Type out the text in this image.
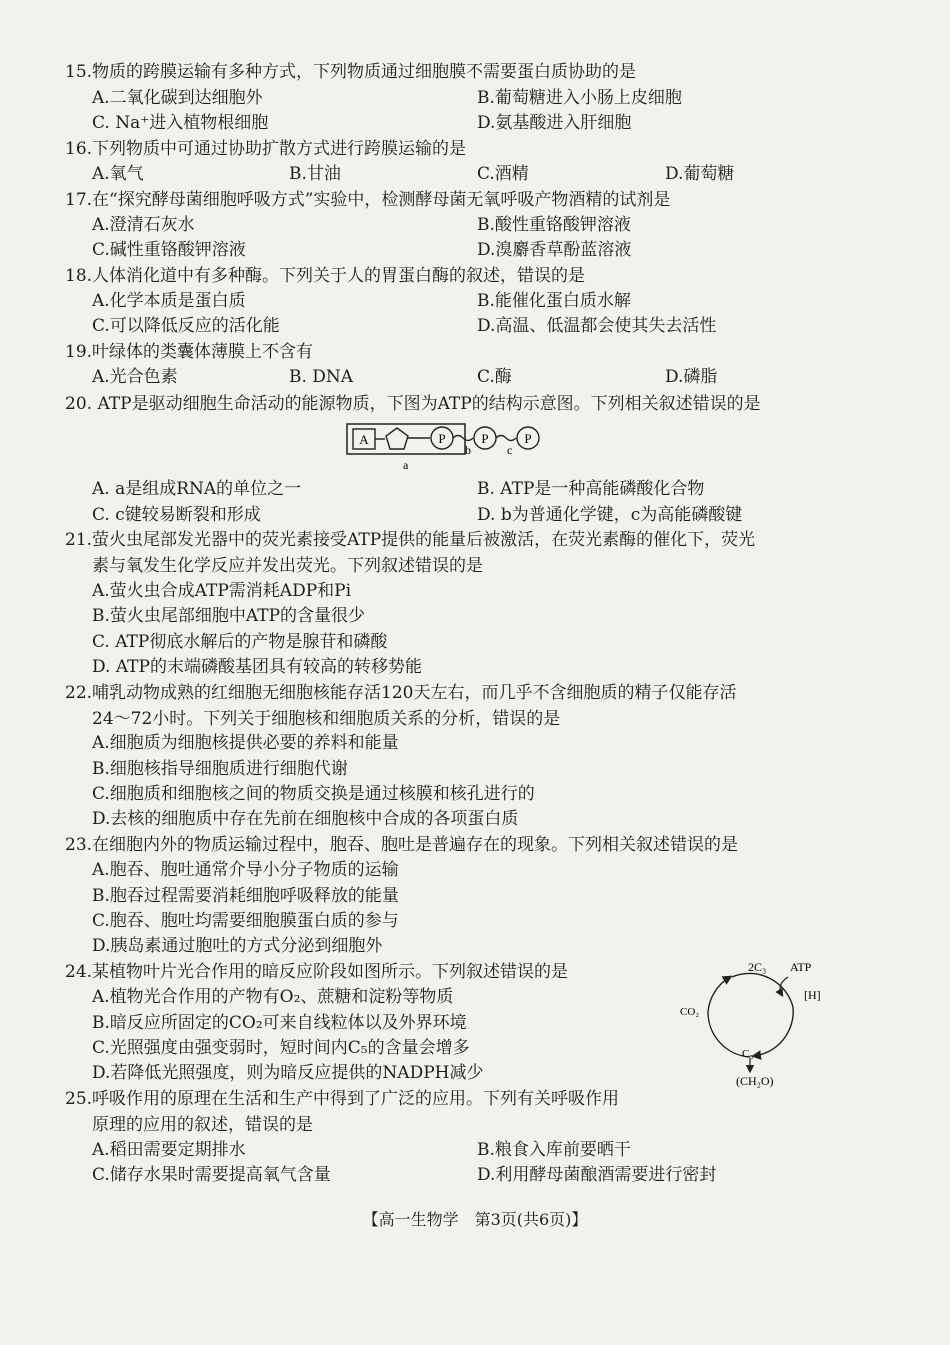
15.物质的跨膜运输有多种方式，下列物质通过细胞膜不需要蛋白质协助的是
A.二氧化碳到达细胞外	B.葡萄糖进入小肠上皮细胞
C. Na⁺进入植物根细胞	D.氨基酸进入肝细胞
16.下列物质中可通过协助扩散方式进行跨膜运输的是
A.氧气	B.甘油	C.酒精	D.葡萄糖
17.在“探究酵母菌细胞呼吸方式”实验中，检测酵母菌无氧呼吸产物酒精的试剂是
A.澄清石灰水	B.酸性重铬酸钾溶液
C.碱性重铬酸钾溶液	D.溴麝香草酚蓝溶液
18.人体消化道中有多种酶。下列关于人的胃蛋白酶的叙述，错误的是
A.化学本质是蛋白质	B.能催化蛋白质水解
C.可以降低反应的活化能	D.高温、低温都会使其失去活性
19.叶绿体的类囊体薄膜上不含有
A.光合色素	B. DNA	C.酶	D.磷脂
20. ATP是驱动细胞生命活动的能源物质，下图为ATP的结构示意图。下列相关叙述错误的是
A	P	P	P
a
b	c
A. a是组成RNA的单位之一	B. ATP是一种高能磷酸化合物
C. c键较易断裂和形成	D. b为普通化学键，c为高能磷酸键
21.萤火虫尾部发光器中的荧光素接受ATP提供的能量后被激活，在荧光素酶的催化下，荧光
素与氧发生化学反应并发出荧光。下列叙述错误的是
A.萤火虫合成ATP需消耗ADP和Pi
B.萤火虫尾部细胞中ATP的含量很少
C. ATP彻底水解后的产物是腺苷和磷酸
D. ATP的末端磷酸基团具有较高的转移势能
22.哺乳动物成熟的红细胞无细胞核能存活120天左右，而几乎不含细胞质的精子仅能存活
24～72小时。下列关于细胞核和细胞质关系的分析，错误的是
A.细胞质为细胞核提供必要的养料和能量
B.细胞核指导细胞质进行细胞代谢
C.细胞质和细胞核之间的物质交换是通过核膜和核孔进行的
D.去核的细胞质中存在先前在细胞核中合成的各项蛋白质
23.在细胞内外的物质运输过程中，胞吞、胞吐是普遍存在的现象。下列相关叙述错误的是
A.胞吞、胞吐通常介导小分子物质的运输
B.胞吞过程需要消耗细胞呼吸释放的能量
C.胞吞、胞吐均需要细胞膜蛋白质的参与
D.胰岛素通过胞吐的方式分泌到细胞外
24.某植物叶片光合作用的暗反应阶段如图所示。下列叙述错误的是
A.植物光合作用的产物有O₂、蔗糖和淀粉等物质
B.暗反应所固定的CO₂可来自线粒体以及外界环境
C.光照强度由强变弱时，短时间内C₅的含量会增多
D.若降低光照强度，则为暗反应提供的NADPH减少
2C₃ ATP
[H]
CO₂
C₅
(CH₂O)
25.呼吸作用的原理在生活和生产中得到了广泛的应用。下列有关呼吸作用
原理的应用的叙述，错误的是
A.稻田需要定期排水	B.粮食入库前要晒干
C.储存水果时需要提高氧气含量	D.利用酵母菌酿酒需要进行密封
【高一生物学　第3页(共6页)】
